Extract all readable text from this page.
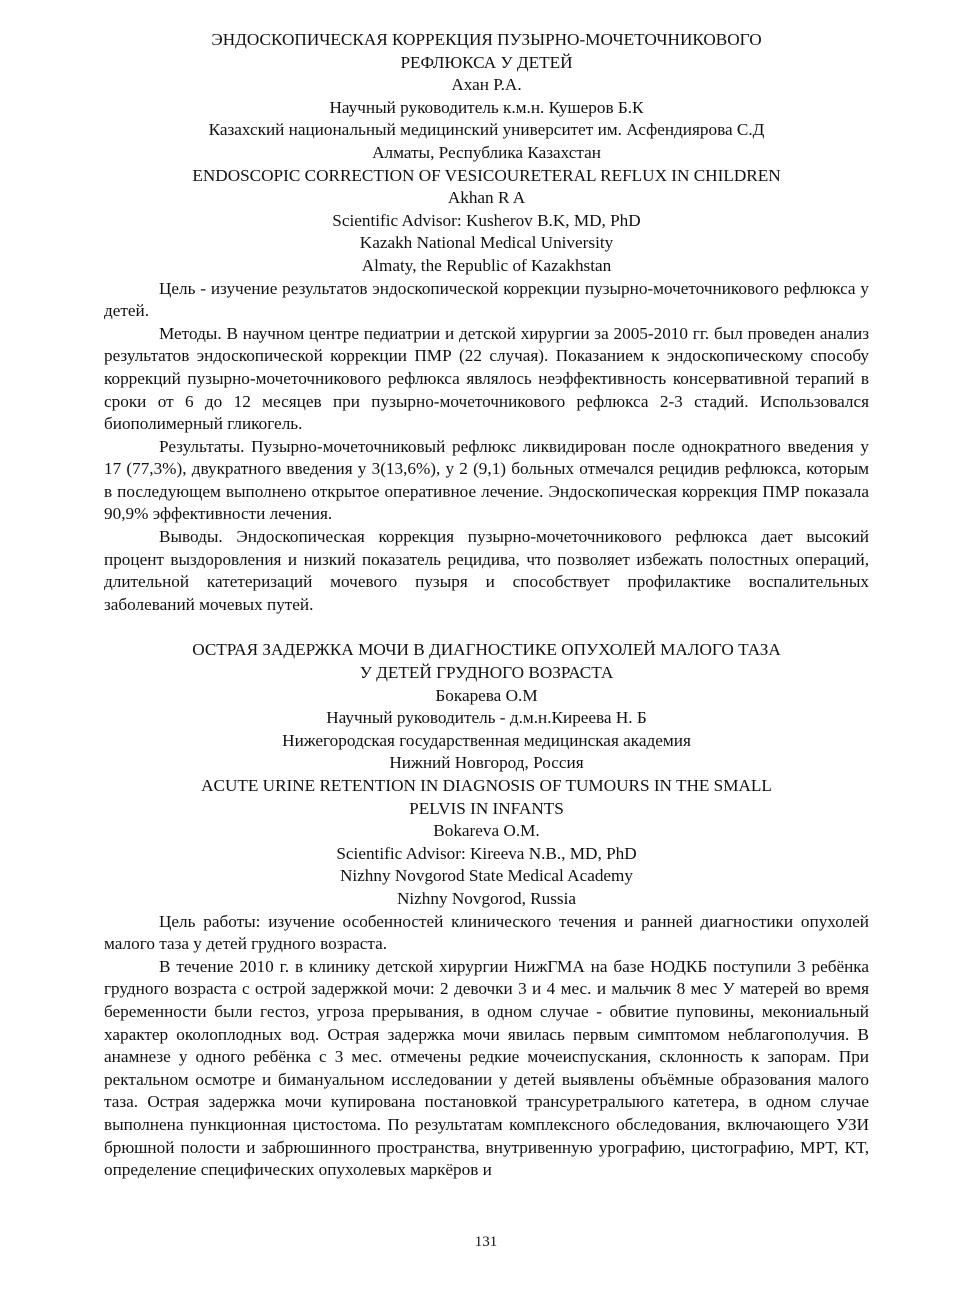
ЭНДОСКОПИЧЕСКАЯ КОРРЕКЦИЯ ПУЗЫРНО-МОЧЕТОЧНИКОВОГО
РЕФЛЮКСА У ДЕТЕЙ
Ахан Р.А.
Научный руководитель к.м.н. Кушеров Б.К
Казахский национальный медицинский университет им. Асфендиярова С.Д
Алматы, Республика Казахстан
ENDOSCOPIC CORRECTION OF VESICOURETERAL REFLUX IN CHILDREN
Akhan R A
Scientific Advisor: Kusherov B.K, MD, PhD
Kazakh National Medical University
Almaty, the Republic of Kazakhstan

Цель - изучение результатов эндоскопической коррекции пузырно-мочеточникового рефлюкса у детей.

Методы. В научном центре педиатрии и детской хирургии за 2005-2010 гг. был проведен анализ результатов эндоскопической коррекции ПМР (22 случая). Показанием к эндоскопическому способу коррекций пузырно-мочеточникового рефлюкса являлось неэффективность консервативной терапий в сроки от 6 до 12 месяцев при пузырно-мочеточникового рефлюкса 2-3 стадий. Использовался биополимерный гликогель.

Результаты. Пузырно-мочеточниковый рефлюкс ликвидирован после однократного введения у 17 (77,3%), двукратного введения у 3(13,6%), у 2 (9,1) больных отмечался рецидив рефлюкса, которым в последующем выполнено открытое оперативное лечение. Эндоскопическая коррекция ПМР показала 90,9% эффективности лечения.

Выводы. Эндоскопическая коррекция пузырно-мочеточникового рефлюкса дает высокий процент выздоровления и низкий показатель рецидива, что позволяет избежать полостных операций, длительной катетеризаций мочевого пузыря и способствует профилактике воспалительных заболеваний мочевых путей.

ОСТРАЯ ЗАДЕРЖКА МОЧИ В ДИАГНОСТИКЕ ОПУХОЛЕЙ МАЛОГО ТАЗА
У ДЕТЕЙ ГРУДНОГО ВОЗРАСТА
Бокарева О.М
Научный руководитель - д.м.н.Киреева Н. Б
Нижегородская государственная медицинская академия
Нижний Новгород, Россия
ACUTE URINE RETENTION IN DIAGNOSIS OF TUMOURS IN THE SMALL
PELVIS IN INFANTS
Bokareva O.M.
Scientific Advisor: Kireeva N.B., MD, PhD
Nizhny Novgorod State Medical Academy
Nizhny Novgorod, Russia

Цель работы: изучение особенностей клинического течения и ранней диагностики опухолей малого таза у детей грудного возраста.

В течение 2010 г. в клинику детской хирургии НижГМА на базе НОДКБ поступили 3 ребёнка грудного возраста с острой задержкой мочи: 2 девочки 3 и 4 мес. и мальчик 8 мес У матерей во время беременности были гестоз, угроза прерывания, в одном случае - обвитие пуповины, мекониальный характер околоплодных вод. Острая задержка мочи явилась первым симптомом неблагополучия. В анамнезе у одного ребёнка с 3 мес. отмечены редкие мочеиспускания, склонность к запорам. При ректальном осмотре и бимануальном исследовании у детей выявлены объёмные образования малого таза. Острая задержка мочи купирована постановкой трансуретралыюго катетера, в одном случае выполнена пункционная цистостома. По результатам комплексного обследования, включающего УЗИ брюшной полости и забрюшинного пространства, внутривенную урографию, цистографию, МРТ, КТ, определение специфических опухолевых маркёров и

131
